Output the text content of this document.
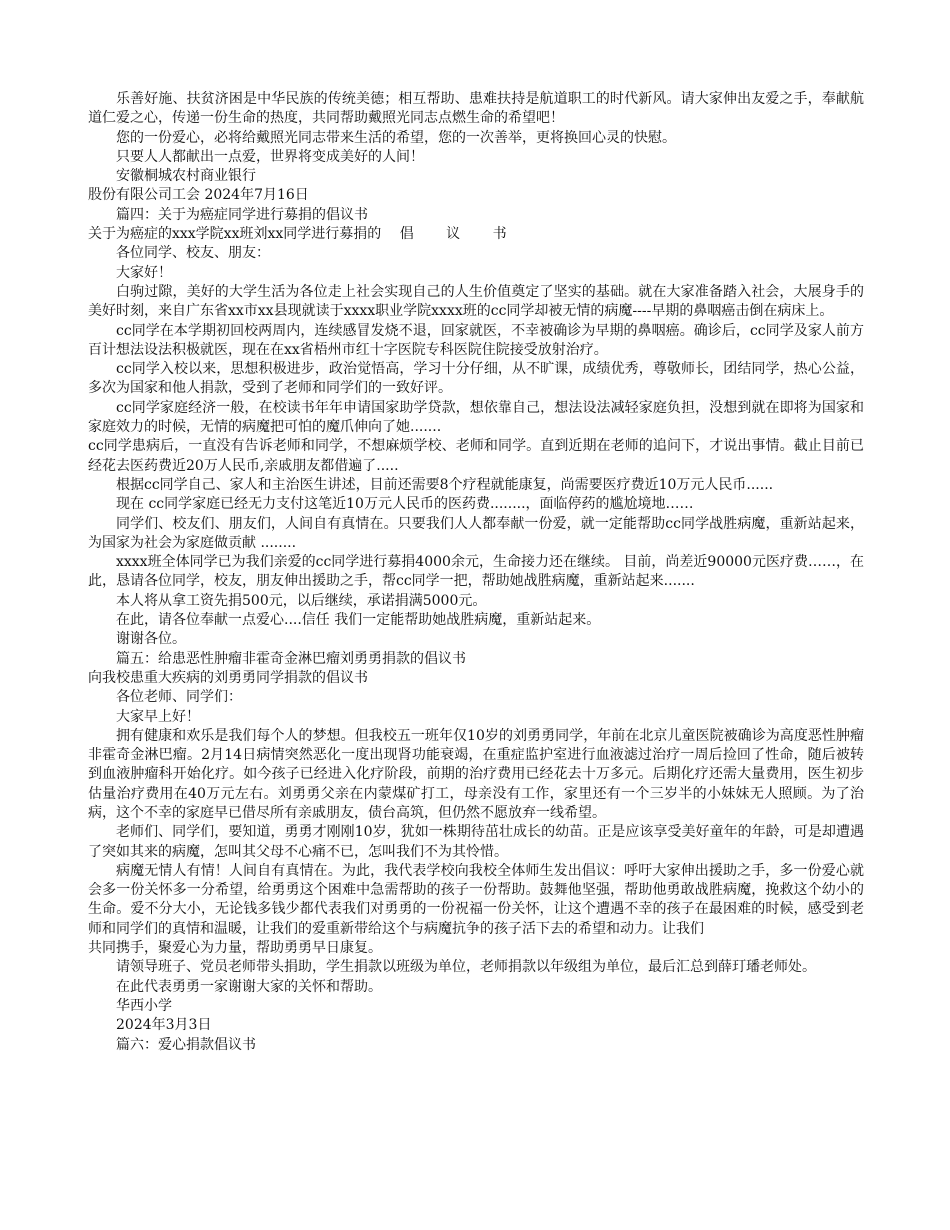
乐善好施、扶贫济困是中华民族的传统美德；相互帮助、患难扶持是航道职工的时代新风。请大家伸出友爱之手，奉献航道仁爱之心，传递一份生命的热度，共同帮助戴照光同志点燃生命的希望吧！

您的一份爱心，必将给戴照光同志带来生活的希望，您的一次善举，更将换回心灵的快慰。

只要人人都献出一点爱，世界将变成美好的人间！

安徽桐城农村商业银行

股份有限公司工会 2024年7月16日

篇四：关于为癌症同学进行募捐的倡议书

关于为癌症的xxx学院xx班刘xx同学进行募捐的　 倡　 　议　 　书

各位同学、校友、朋友：

大家好！

白驹过隙，美好的大学生活为各位走上社会实现自己的人生价值奠定了坚实的基础。就在大家准备踏入社会，大展身手的美好时刻，来自广东省xx市xx县现就读于xxxx职业学院xxxx班的cc同学却被无情的病魔----早期的鼻咽癌击倒在病床上。

cc同学在本学期初回校两周内，连续感冒发烧不退，回家就医，不幸被确诊为早期的鼻咽癌。确诊后，cc同学及家人前方百计想法设法积极就医，现在在xx省梧州市红十字医院专科医院住院接受放射治疗。

cc同学入校以来，思想积极进步，政治觉悟高，学习十分仔细，从不旷课，成绩优秀，尊敬师长，团结同学，热心公益，多次为国家和他人捐款，受到了老师和同学们的一致好评。

cc同学家庭经济一般，在校读书年年申请国家助学贷款，想依靠自己，想法设法减轻家庭负担，没想到就在即将为国家和家庭效力的时候，无情的病魔把可怕的魔爪伸向了她.......

cc同学患病后，一直没有告诉老师和同学，不想麻烦学校、老师和同学。直到近期在老师的追问下，才说出事情。截止目前已经花去医药费近20万人民币,亲戚朋友都借遍了.....

根据cc同学自己、家人和主治医生讲述，目前还需要8个疗程就能康复，尚需要医疗费近10万元人民币......

现在 cc同学家庭已经无力支付这笔近10万元人民币的医药费........，面临停药的尴尬境地……

同学们、校友们、朋友们，人间自有真情在。只要我们人人都奉献一份爱，就一定能帮助cc同学战胜病魔，重新站起来，为国家为社会为家庭做贡献 ........

xxxx班全体同学已为我们亲爱的cc同学进行募捐4000余元，生命接力还在继续。 目前，尚差近90000元医疗费……，在此，恳请各位同学，校友，朋友伸出援助之手，帮cc同学一把，帮助她战胜病魔，重新站起来.......

本人将从拿工资先捐500元，以后继续，承诺捐满5000元。

在此，请各位奉献一点爱心....信任 我们一定能帮助她战胜病魔，重新站起来。

谢谢各位。

篇五：给患恶性肿瘤非霍奇金淋巴瘤刘勇勇捐款的倡议书

向我校患重大疾病的刘勇勇同学捐款的倡议书

各位老师、同学们：

大家早上好！

拥有健康和欢乐是我们每个人的梦想。但我校五一班年仅10岁的刘勇勇同学，年前在北京儿童医院被确诊为高度恶性肿瘤非霍奇金淋巴瘤。2月14日病情突然恶化一度出现肾功能衰竭，在重症监护室进行血液滤过治疗一周后捡回了性命，随后被转到血液肿瘤科开始化疗。如今孩子已经进入化疗阶段，前期的治疗费用已经花去十万多元。后期化疗还需大量费用，医生初步估量治疗费用在40万元左右。刘勇勇父亲在内蒙煤矿打工，母亲没有工作，家里还有一个三岁半的小妹妹无人照顾。为了治病，这个不幸的家庭早已借尽所有亲戚朋友，债台高筑，但仍然不愿放弃一线希望。

老师们、同学们，要知道，勇勇才刚刚10岁，犹如一株期待茁壮成长的幼苗。正是应该享受美好童年的年龄，可是却遭遇了突如其来的病魔，怎叫其父母不心痛不已，怎叫我们不为其怜惜。

病魔无情人有情！人间自有真情在。为此，我代表学校向我校全体师生发出倡议：呼吁大家伸出援助之手，多一份爱心就会多一份关怀多一分希望，给勇勇这个困难中急需帮助的孩子一份帮助。鼓舞他坚强，帮助他勇敢战胜病魔，挽救这个幼小的生命。爱不分大小，无论钱多钱少都代表我们对勇勇的一份祝福一份关怀，让这个遭遇不幸的孩子在最困难的时候，感受到老师和同学们的真情和温暖，让我们的爱重新带给这个与病魔抗争的孩子活下去的希望和动力。让我们

共同携手，聚爱心为力量，帮助勇勇早日康复。

请领导班子、党员老师带头捐助，学生捐款以班级为单位，老师捐款以年级组为单位，最后汇总到薛玎璠老师处。

在此代表勇勇一家谢谢大家的关怀和帮助。

华西小学

2024年3月3日

篇六：爱心捐款倡议书
